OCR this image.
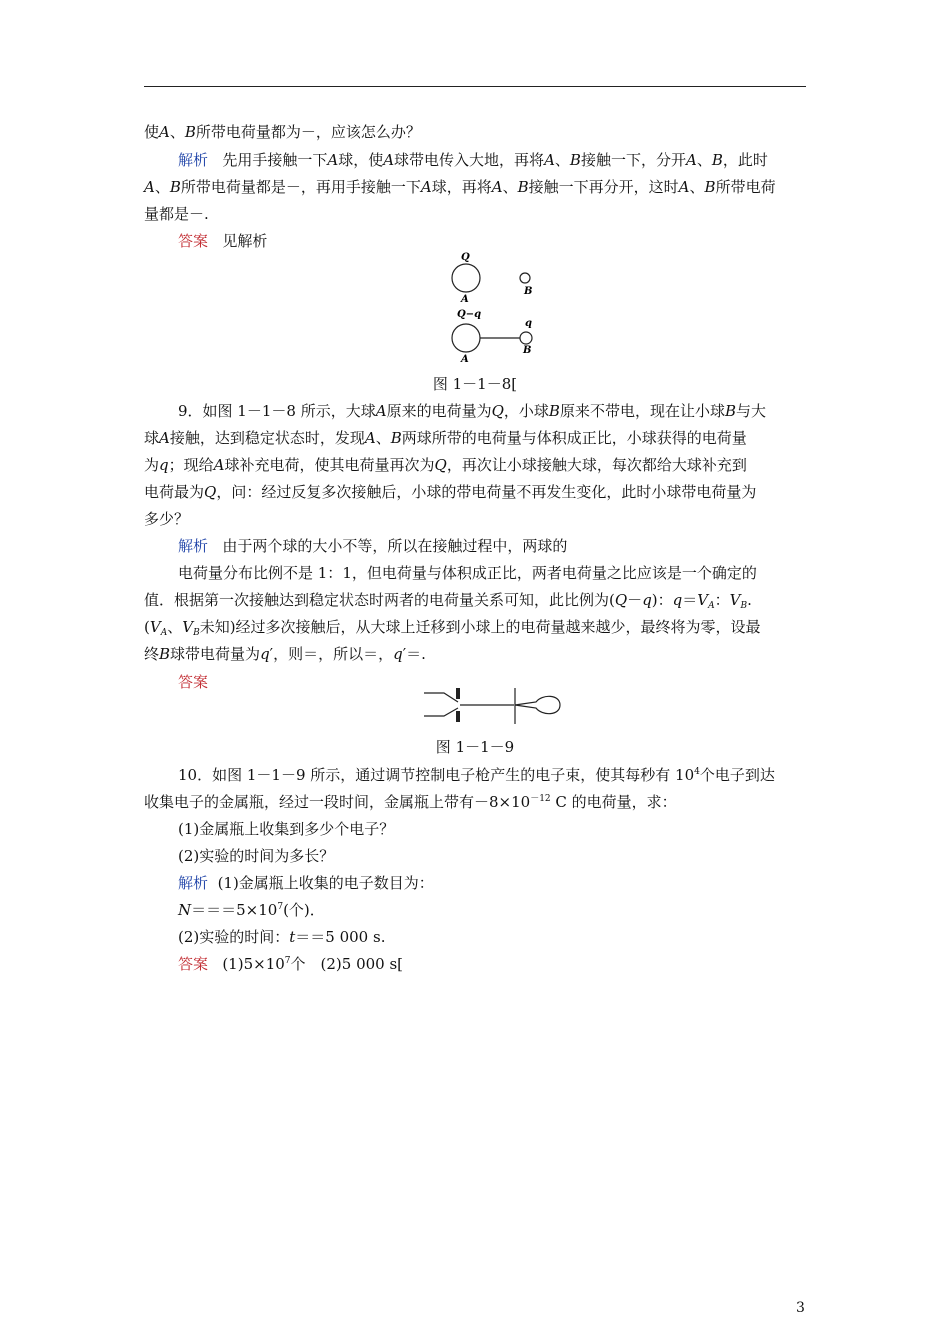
使A、B所带电荷量都为－，应该怎么办？
解析 先用手接触一下A球，使A球带电传入大地，再将A、B接触一下，分开A、B，此时
A、B所带电荷量都是－，再用手接触一下A球，再将A、B接触一下再分开，这时A、B所带电荷
量都是－.
答案 见解析
Q
A
B
Q−q
q
B
A
图 1－1－8[
9．如图 1－1－8 所示，大球A原来的电荷量为Q，小球B原来不带电，现在让小球B与大
球A接触，达到稳定状态时，发现A、B两球所带的电荷量与体积成正比，小球获得的电荷量
为q；现给A球补充电荷，使其电荷量再次为Q，再次让小球接触大球，每次都给大球补充到
电荷最为Q，问：经过反复多次接触后，小球的带电荷量不再发生变化，此时小球带电荷量为
多少？
解析 由于两个球的大小不等，所以在接触过程中，两球的
电荷量分布比例不是 1：1，但电荷量与体积成正比，两者电荷量之比应该是一个确定的
值．根据第一次接触达到稳定状态时两者的电荷量关系可知，此比例为(Q－q)：$q=V_A$：$V_B$.
($V_A$、$V_B$未知)经过多次接触后，从大球上迁移到小球上的电荷量越来越少，最终将为零，设最
终B球带电荷量为q′，则＝，所以＝，q′＝.
答案
图 1－1－9
10．如图 1－1－9 所示，通过调节控制电子枪产生的电子束，使其每秒有 $10^4$个电子到达
收集电子的金属瓶，经过一段时间，金属瓶上带有$-8\times 10^{-12}$ C 的电荷量，求：
(1)金属瓶上收集到多少个电子？
(2)实验的时间为多长？
解析 (1)金属瓶上收集的电子数目为：
$N===5\times 10^7$(个)．
(2)实验的时间：t＝＝5 000 s.
答案 $(1)5\times 10^7$个　(2)5 000 s[
3
